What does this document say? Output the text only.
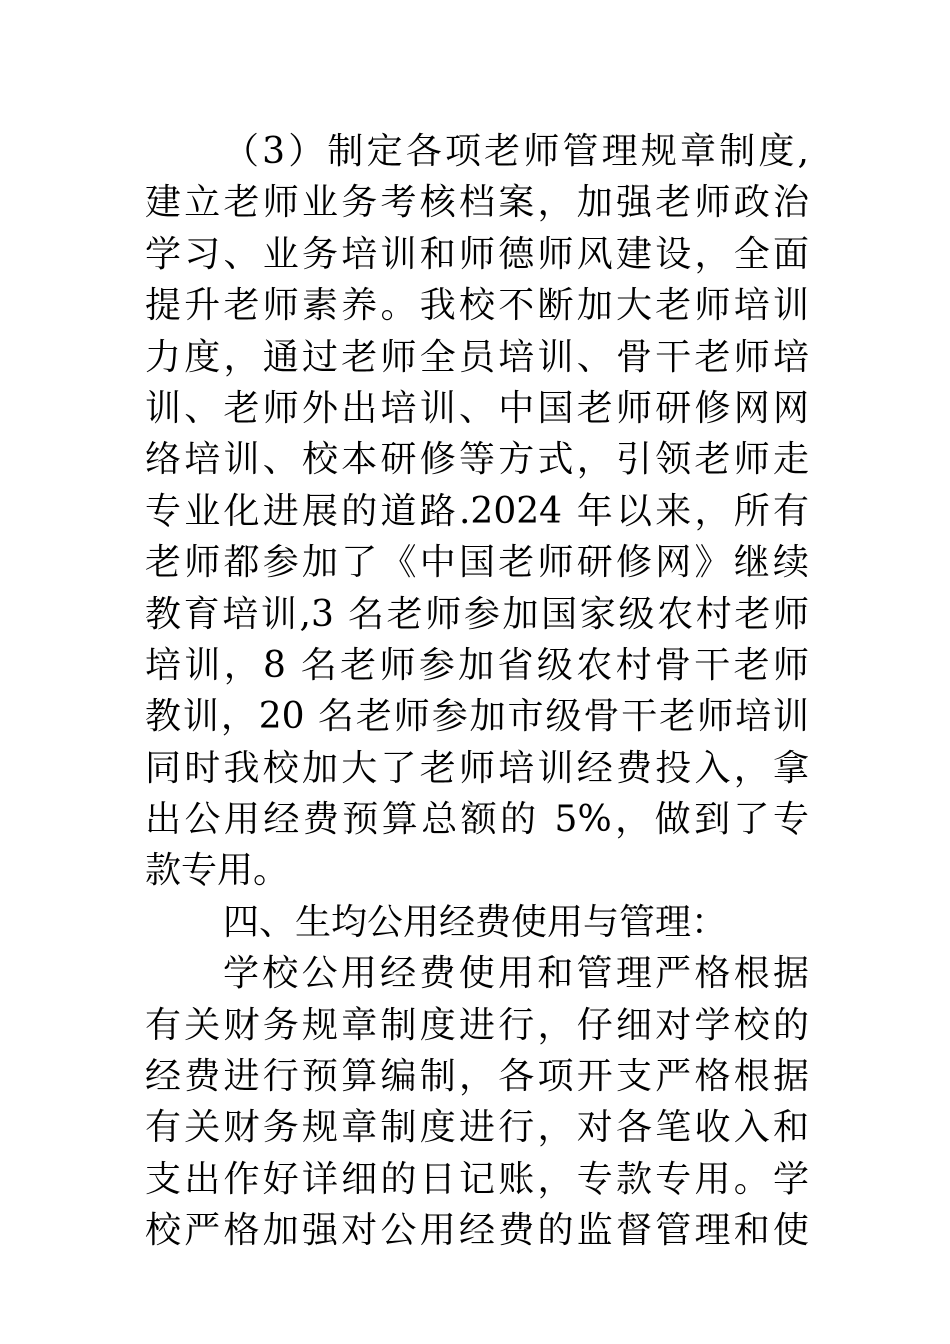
（3）制定各项老师管理规章制度,
建立老师业务考核档案，加强老师政治
学习、业务培训和师德师风建设，全面
提升老师素养。我校不断加大老师培训
力度，通过老师全员培训、骨干老师培
训、老师外出培训、中国老师研修网网
络培训、校本研修等方式，引领老师走
专业化进展的道路.2024 年以来，所有
老师都参加了《中国老师研修网》继续
教育培训,3 名老师参加国家级农村老师
培训，8 名老师参加省级农村骨干老师
教训，20 名老师参加市级骨干老师培训
同时我校加大了老师培训经费投入，拿
出公用经费预算总额的 5%，做到了专
款专用。
四、生均公用经费使用与管理：
学校公用经费使用和管理严格根据
有关财务规章制度进行，仔细对学校的
经费进行预算编制，各项开支严格根据
有关财务规章制度进行，对各笔收入和
支出作好详细的日记账，专款专用。学
校严格加强对公用经费的监督管理和使
